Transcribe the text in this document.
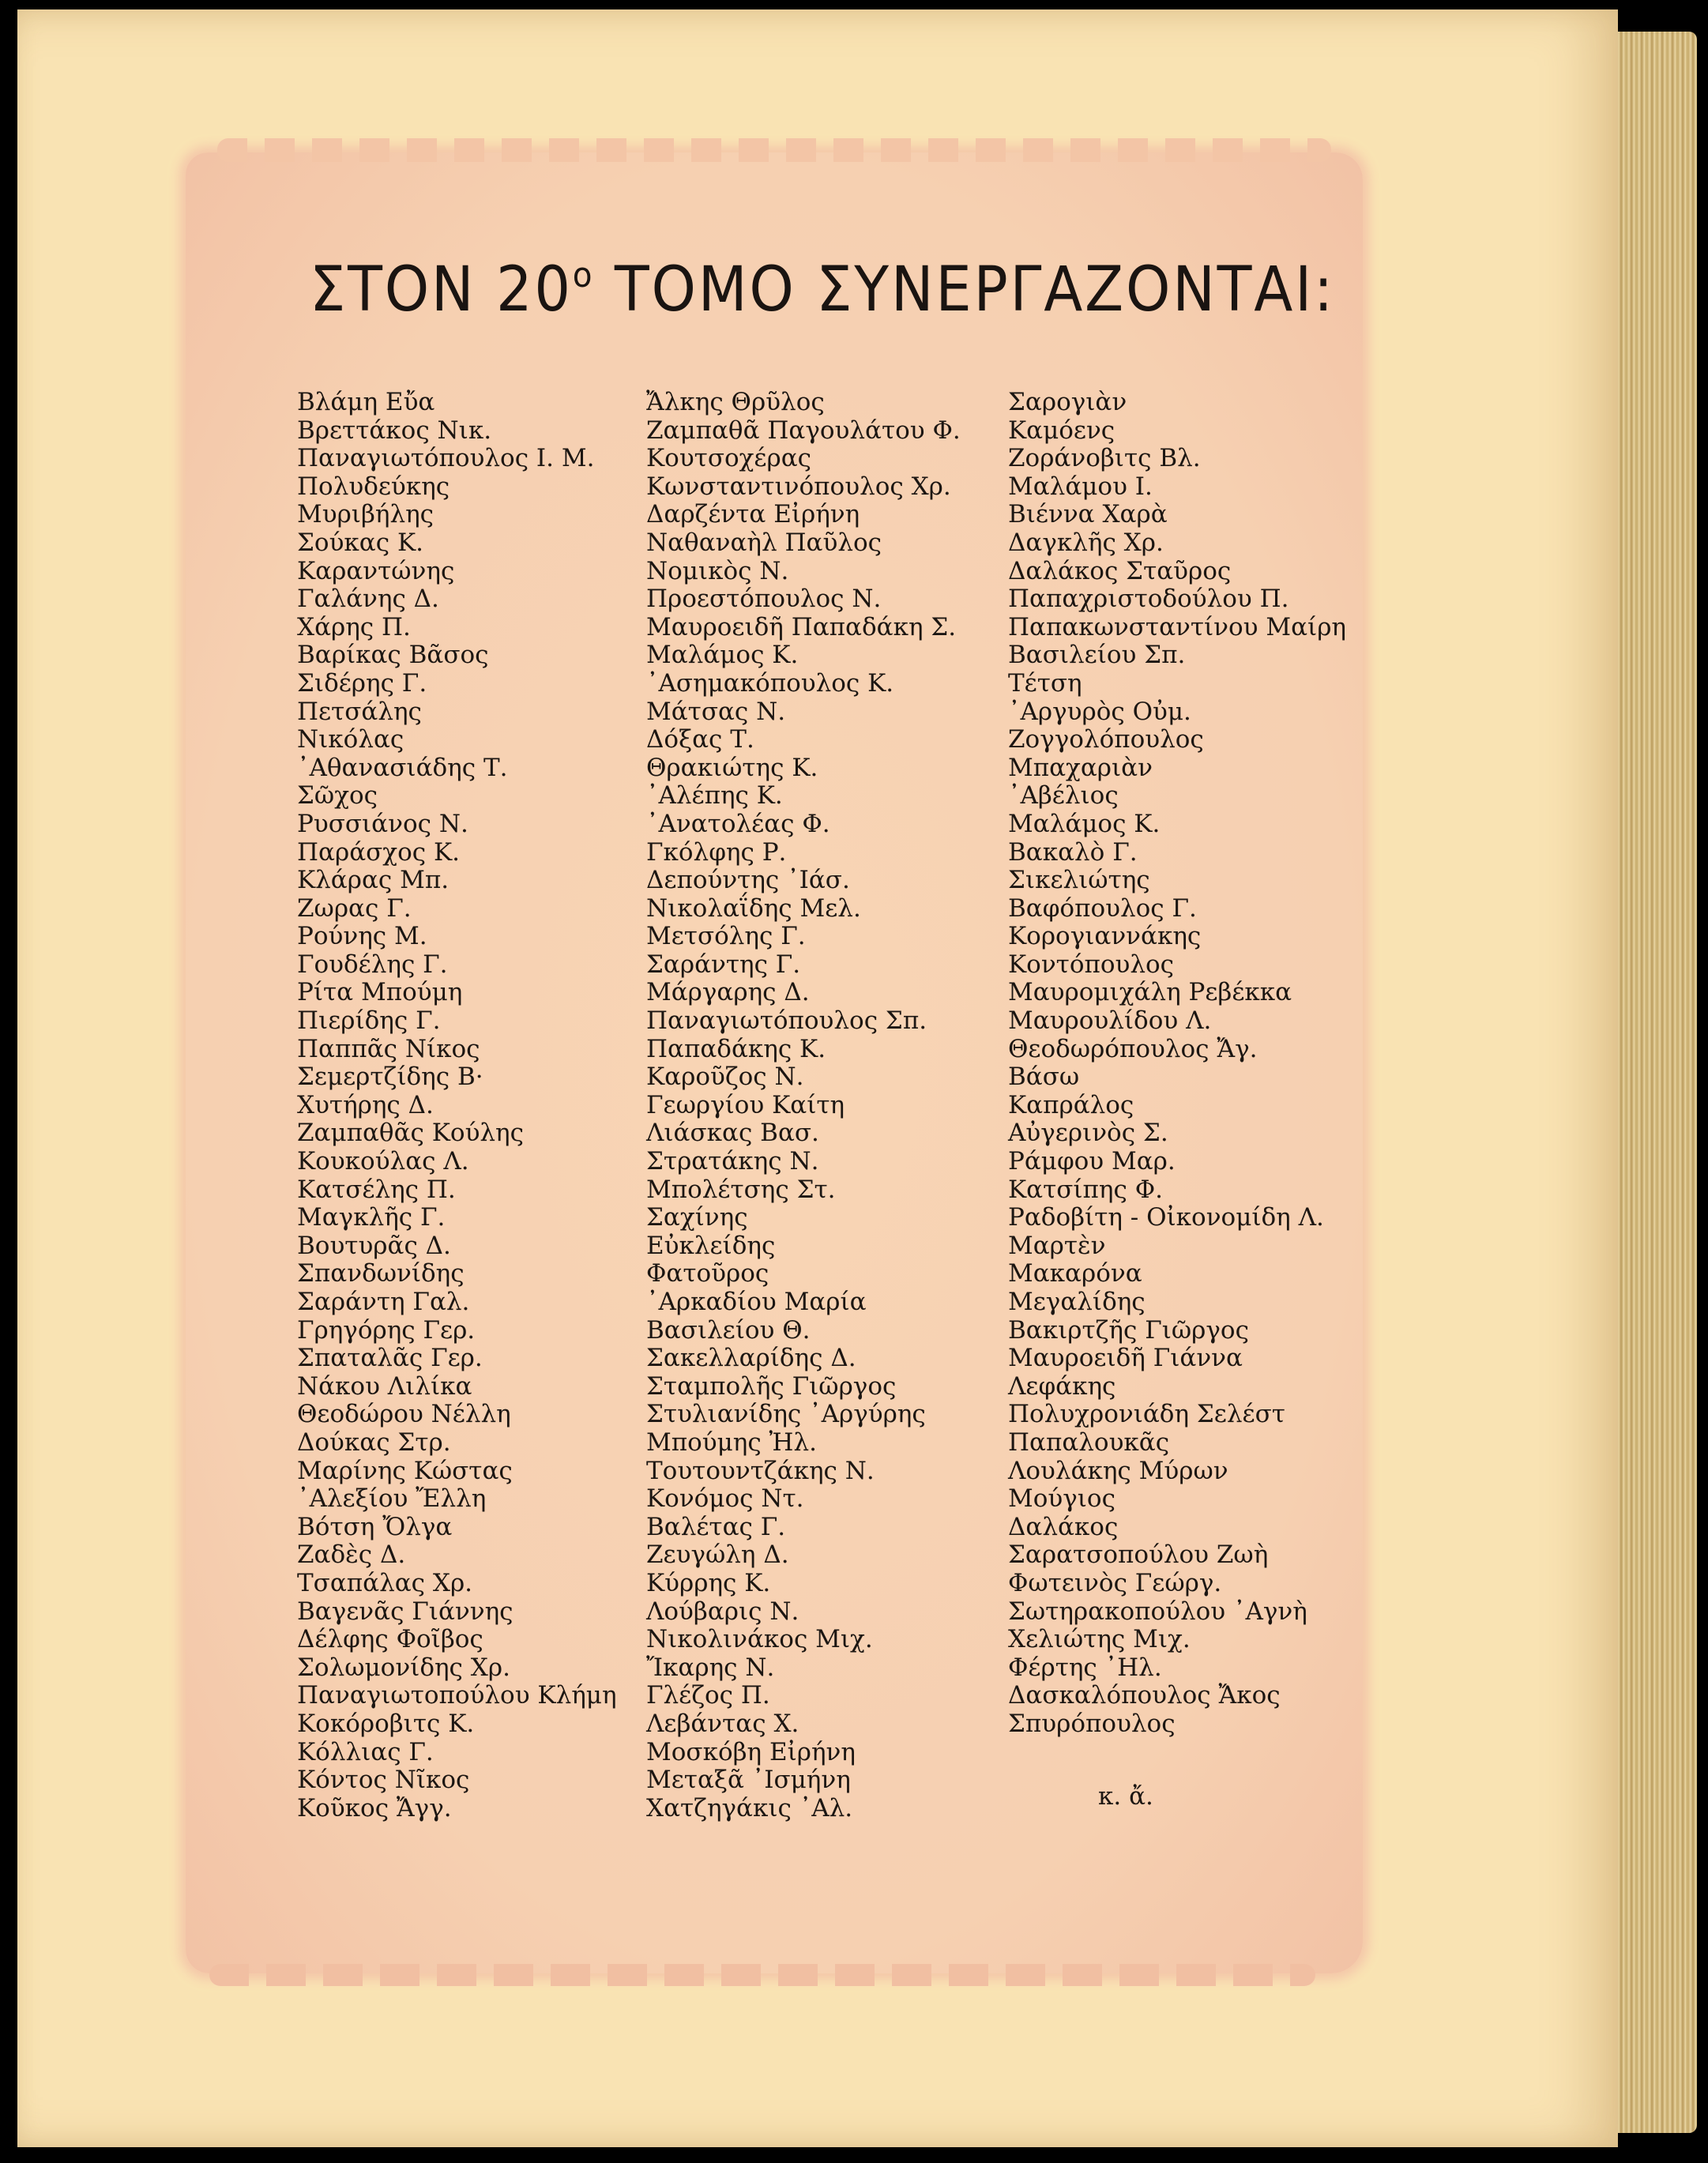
ΣΤΟΝ $20^o$ ΤΟΜΟ ΣΥΝΕΡΓΑΖΟΝΤΑΙ:
Βλάμη Εὔα
Βρεττάκος Νικ.
Παναγιωτόπουλος Ι. Μ.
Πολυδεύκης
Μυριβήλης
Σούκας Κ.
Καραντώνης
Γαλάνης Δ.
Χάρης Π.
Βαρίκας Βᾶσος
Σιδέρης Γ.
Πετσάλης
Νικόλας
᾿Αθανασιάδης Τ.
Σῶχος
Ρυσσιάνος Ν.
Παράσχος Κ.
Κλάρας Μπ.
Ζωρας Γ.
Ρούνης Μ.
Γουδέλης Γ.
Ρίτα Μπούμη
Πιερίδης Γ.
Παππᾶς Νίκος
Σεμερτζίδης Β·
Χυτήρης Δ.
Ζαμπαθᾶς Κούλης
Κουκούλας Λ.
Κατσέλης Π.
Μαγκλῆς Γ.
Βουτυρᾶς Δ.
Σπανδωνίδης
Σαράντη Γαλ.
Γρηγόρης Γερ.
Σπαταλᾶς Γερ.
Νάκου Λιλίκα
Θεοδώρου Νέλλη
Δούκας Στρ.
Μαρίνης Κώστας
᾿Αλεξίου Ἔλλη
Βότση Ὄλγα
Ζαδὲς Δ.
Τσαπάλας Χρ.
Βαγενᾶς Γιάννης
Δέλφης Φοῖβος
Σολωμονίδης Χρ.
Παναγιωτοπούλου Κλήμη
Κοκόροβιτς Κ.
Κόλλιας Γ.
Κόντος Νῖκος
Κοῦκος Ἄγγ.
Ἄλκης Θρῦλος
Ζαμπαθᾶ Παγουλάτου Φ.
Κουτσοχέρας
Κωνσταντινόπουλος Χρ.
Δαρζέντα Εἰρήνη
Ναθαναὴλ Παῦλος
Νομικὸς Ν.
Προεστόπουλος Ν.
Μαυροειδῆ Παπαδάκη Σ.
Μαλάμος Κ.
᾿Ασημακόπουλος Κ.
Μάτσας Ν.
Δόξας Τ.
Θρακιώτης Κ.
᾿Αλέπης Κ.
᾿Ανατολέας Φ.
Γκόλφης Ρ.
Δεπούντης ᾿Ιάσ.
Νικολαΐδης Μελ.
Μετσόλης Γ.
Σαράντης Γ.
Μάργαρης Δ.
Παναγιωτόπουλος Σπ.
Παπαδάκης Κ.
Καροῦζος Ν.
Γεωργίου Καίτη
Λιάσκας Βασ.
Στρατάκης Ν.
Μπολέτσης Στ.
Σαχίνης
Εὐκλείδης
Φατοῦρος
᾿Αρκαδίου Μαρία
Βασιλείου Θ.
Σακελλαρίδης Δ.
Σταμπολῆς Γιῶργος
Στυλιανίδης ᾿Αργύρης
Μπούμης Ἠλ.
Τουτουντζάκης Ν.
Κονόμος Ντ.
Βαλέτας Γ.
Ζευγώλη Δ.
Κύρρης Κ.
Λούβαρις Ν.
Νικολινάκος Μιχ.
Ἴκαρης Ν.
Γλέζος Π.
Λεβάντας Χ.
Μοσκόβη Εἰρήνη
Μεταξᾶ ᾿Ισμήνη
Χατζηγάκις ᾿Αλ.
Σαρογιὰν
Καμόενς
Ζοράνοβιτς Βλ.
Μαλάμου Ι.
Βιέννα Χαρὰ
Δαγκλῆς Χρ.
Δαλάκος Σταῦρος
Παπαχριστοδούλου Π.
Παπακωνσταντίνου Μαίρη
Βασιλείου Σπ.
Τέτση
᾿Αργυρὸς Οὐμ.
Ζογγολόπουλος
Μπαχαριὰν
᾿Αβέλιος
Μαλάμος Κ.
Βακαλὸ Γ.
Σικελιώτης
Βαφόπουλος Γ.
Κορογιαννάκης
Κοντόπουλος
Μαυρομιχάλη Ρεβέκκα
Μαυρουλίδου Λ.
Θεοδωρόπουλος Ἄγ.
Βάσω
Καπράλος
Αὐγερινὸς Σ.
Ράμφου Μαρ.
Κατσίπης Φ.
Ραδοβίτη - Οἰκονομίδη Λ.
Μαρτὲν
Μακαρόνα
Μεγαλίδης
Βακιρτζῆς Γιῶργος
Μαυροειδῆ Γιάννα
Λεφάκης
Πολυχρονιάδη Σελέστ
Παπαλουκᾶς
Λουλάκης Μύρων
Μούγιος
Δαλάκος
Σαρατσοπούλου Ζωὴ
Φωτεινὸς Γεώργ.
Σωτηρακοπούλου ᾿Αγνὴ
Χελιώτης Μιχ.
Φέρτης ᾿Ηλ.
Δασκαλόπουλος Ἄκος
Σπυρόπουλος
κ. ἄ.
